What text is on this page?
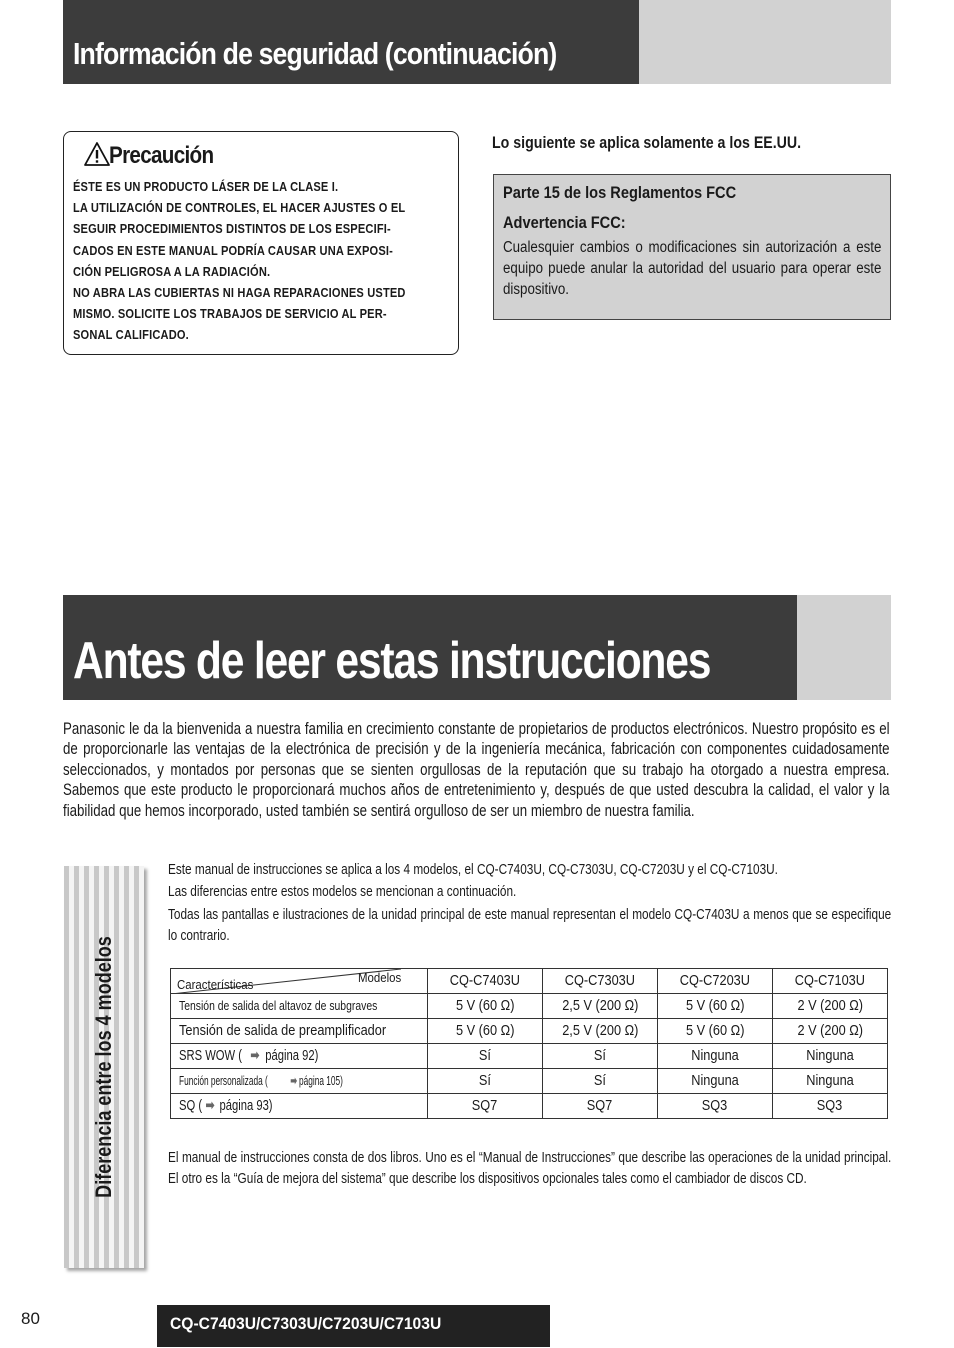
Información de seguridad (continuación)
Precaución
ÉSTE ES UN PRODUCTO LÁSER DE LA CLASE I.
LA UTILIZACIÓN DE CONTROLES, EL HACER AJUSTES O EL
SEGUIR PROCEDIMIENTOS DISTINTOS DE LOS ESPECIFI-
CADOS EN ESTE MANUAL PODRÍA CAUSAR UNA EXPOSI-
CIÓN PELIGROSA A LA RADIACIÓN.
NO ABRA LAS CUBIERTAS NI HAGA REPARACIONES USTED
MISMO. SOLICITE LOS TRABAJOS DE SERVICIO AL PER-
SONAL CALIFICADO.
Lo siguiente se aplica solamente a los EE.UU.
Parte 15 de los Reglamentos FCC
Advertencia FCC:
Cualesquier cambios o modificaciones sin autorización a este equipo puede anular la autoridad del usuario para operar este dispositivo.
Antes de leer estas instrucciones
Panasonic le da la bienvenida a nuestra familia en crecimiento constante de propietarios de productos electrónicos. Nuestro propósito es el de proporcionarle las ventajas de la electrónica de precisión y de la ingeniería mecánica, fabricación con componentes cuidadosamente seleccionados, y montados por personas que se sienten orgullosas de la reputación que su trabajo ha otorgado a nuestra empresa. Sabemos que este producto le proporcionará muchos años de entretenimiento y, después de que usted descubra la calidad, el valor y la fiabilidad que hemos incorporado, usted también se sentirá orgulloso de ser un miembro de nuestra familia.
Diferencia entre los 4 modelos
Este manual de instrucciones se aplica a los 4 modelos, el CQ-C7403U, CQ-C7303U, CQ-C7203U y el CQ-C7103U.
Las diferencias entre estos modelos se mencionan a continuación.
Todas las pantallas e ilustraciones de la unidad principal de este manual representan el modelo CQ-C7403U a menos que se especifique lo contrario.
Modelos
Características	CQ-C7403U	CQ-C7303U	CQ-C7203U	CQ-C7103U
Tensión de salida del altavoz de subgraves	5 V (60 Ω)	2,5 V (200 Ω)	5 V (60 Ω)	2 V (200 Ω)
Tensión de salida de preamplificador	5 V (60 Ω)	2,5 V (200 Ω)	5 V (60 Ω)	2 V (200 Ω)
SRS WOW ( ➡ página 92)	Sí	Sí	Ninguna	Ninguna
Función personalizada ( ➡ página 105)	Sí	Sí	Ninguna	Ninguna
SQ ( ➡ página 93)	SQ7	SQ7	SQ3	SQ3
El manual de instrucciones consta de dos libros. Uno es el “Manual de Instrucciones” que describe las operaciones de la unidad principal. El otro es la “Guía de mejora del sistema” que describe los dispositivos opcionales tales como el cambiador de discos CD.
80	CQ-C7403U/C7303U/C7203U/C7103U
